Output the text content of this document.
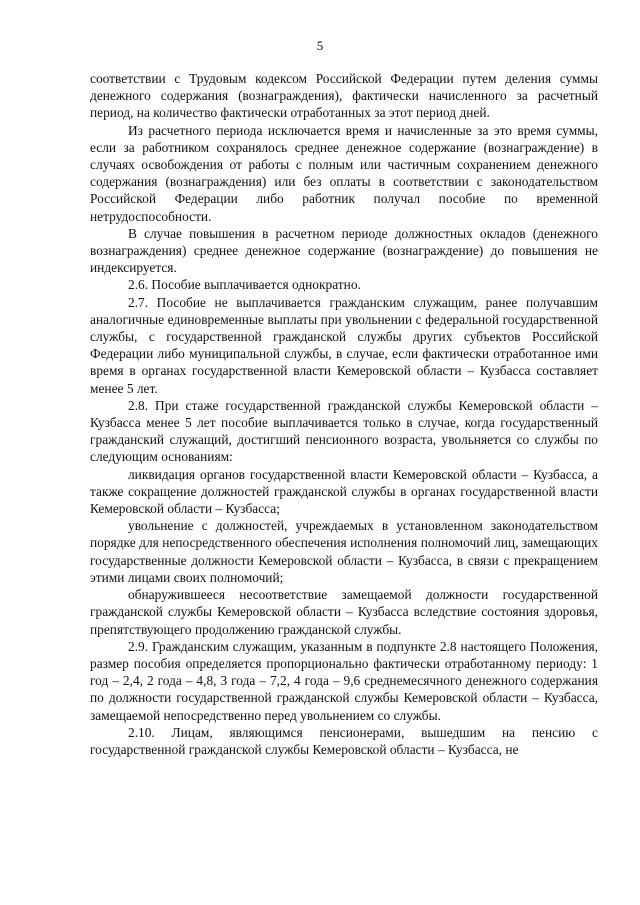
5

соответствии с Трудовым кодексом Российской Федерации путем деления суммы денежного содержания (вознаграждения), фактически начисленного за расчетный период, на количество фактически отработанных за этот период дней.

Из расчетного периода исключается время и начисленные за это время суммы, если за работником сохранялось среднее денежное содержание (вознаграждение) в случаях освобождения от работы с полным или частичным сохранением денежного содержания (вознаграждения) или без оплаты в соответствии с законодательством Российской Федерации либо работник получал пособие по временной нетрудоспособности.

В случае повышения в расчетном периоде должностных окладов (денежного вознаграждения) среднее денежное содержание (вознаграждение) до повышения не индексируется.

2.6. Пособие выплачивается однократно.

2.7. Пособие не выплачивается гражданским служащим, ранее получавшим аналогичные единовременные выплаты при увольнении с федеральной государственной службы, с государственной гражданской службы других субъектов Российской Федерации либо муниципальной службы, в случае, если фактически отработанное ими время в органах государственной власти Кемеровской области – Кузбасса составляет менее 5 лет.

2.8. При стаже государственной гражданской службы Кемеровской области – Кузбасса менее 5 лет пособие выплачивается только в случае, когда государственный гражданский служащий, достигший пенсионного возраста, увольняется со службы по следующим основаниям:

ликвидация органов государственной власти Кемеровской области – Кузбасса, а также сокращение должностей гражданской службы в органах государственной власти Кемеровской области – Кузбасса;

увольнение с должностей, учреждаемых в установленном законодательством порядке для непосредственного обеспечения исполнения полномочий лиц, замещающих государственные должности Кемеровской области – Кузбасса, в связи с прекращением этими лицами своих полномочий;

обнаружившееся несоответствие замещаемой должности государственной гражданской службы Кемеровской области – Кузбасса вследствие состояния здоровья, препятствующего продолжению гражданской службы.

2.9. Гражданским служащим, указанным в подпункте 2.8 настоящего Положения, размер пособия определяется пропорционально фактически отработанному периоду: 1 год – 2,4, 2 года – 4,8, 3 года – 7,2, 4 года – 9,6 среднемесячного денежного содержания по должности государственной гражданской службы Кемеровской области – Кузбасса, замещаемой непосредственно перед увольнением со службы.

2.10. Лицам, являющимся пенсионерами, вышедшим на пенсию с государственной гражданской службы Кемеровской области – Кузбасса, не
